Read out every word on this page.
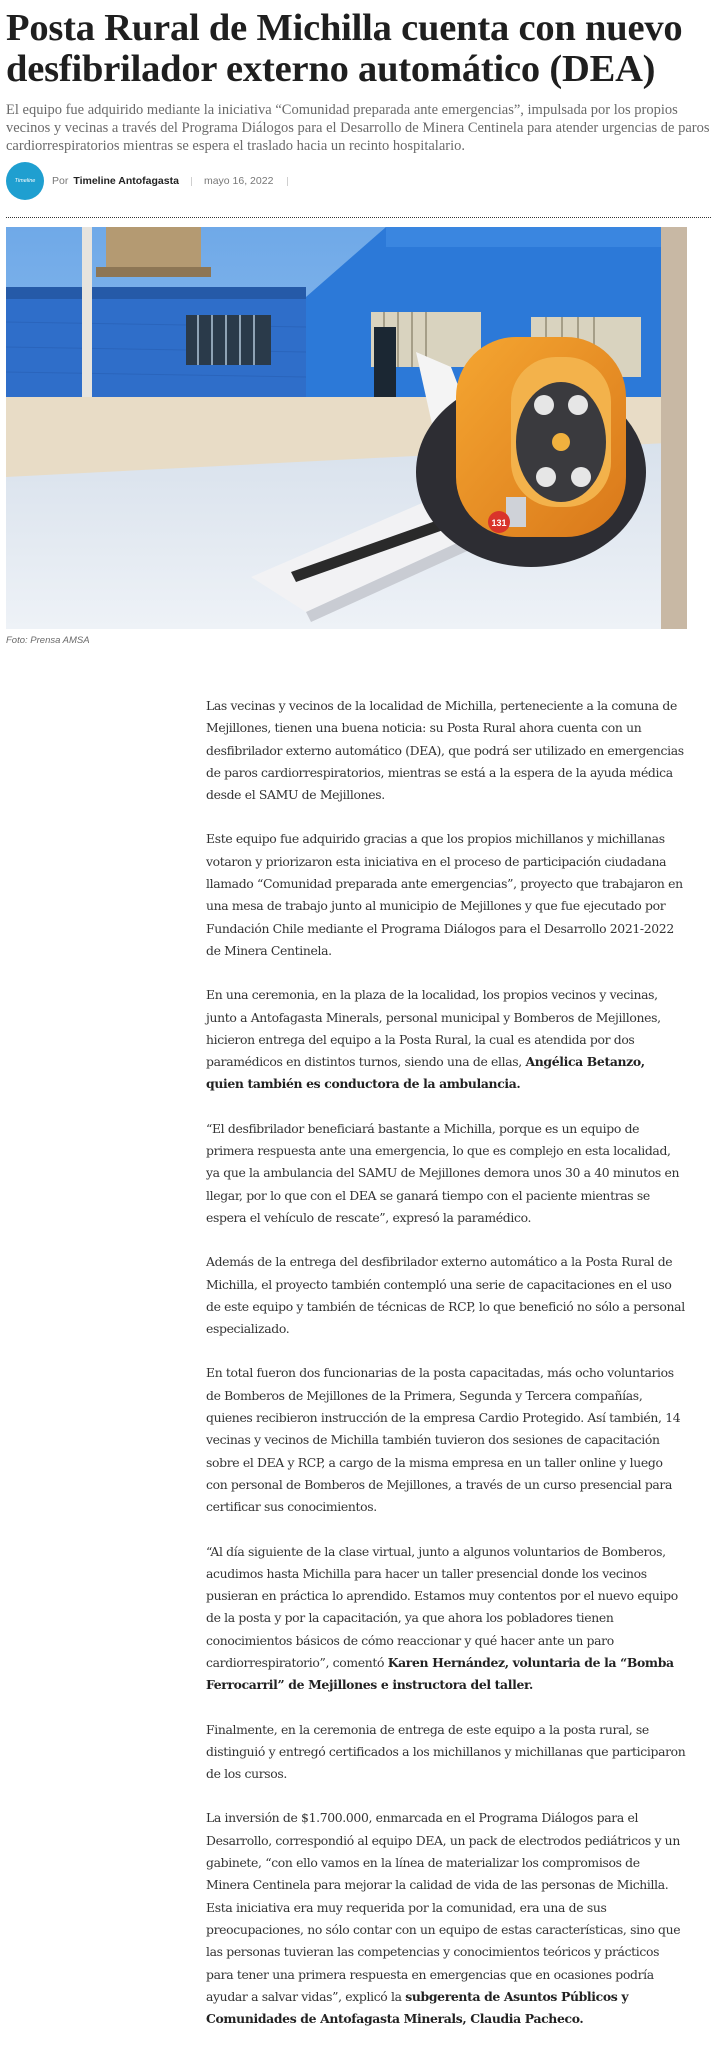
Posta Rural de Michilla cuenta con nuevo desfibrilador externo automático (DEA)

El equipo fue adquirido mediante la iniciativa “Comunidad preparada ante emergencias”, impulsada por los propios vecinos y vecinas a través del Programa Diálogos para el Desarrollo de Minera Centinela para atender urgencias de paros cardiorrespiratorios mientras se espera el traslado hacia un recinto hospitalario.

Timeline	Por Timeline Antofagasta mayo 16, 2022
131
Foto: Prensa AMSA

Las vecinas y vecinos de la localidad de Michilla, perteneciente a la comuna de Mejillones, tienen una buena noticia: su Posta Rural ahora cuenta con un desfibrilador externo automático (DEA), que podrá ser utilizado en emergencias de paros cardiorrespiratorios, mientras se está a la espera de la ayuda médica desde el SAMU de Mejillones.

Este equipo fue adquirido gracias a que los propios michillanos y michillanas votaron y priorizaron esta iniciativa en el proceso de participación ciudadana llamado “Comunidad preparada ante emergencias”, proyecto que trabajaron en una mesa de trabajo junto al municipio de Mejillones y que fue ejecutado por Fundación Chile mediante el Programa Diálogos para el Desarrollo 2021-2022 de Minera Centinela.

En una ceremonia, en la plaza de la localidad, los propios vecinos y vecinas, junto a Antofagasta Minerals, personal municipal y Bomberos de Mejillones, hicieron entrega del equipo a la Posta Rural, la cual es atendida por dos paramédicos en distintos turnos, siendo una de ellas, Angélica Betanzo, quien también es conductora de la ambulancia.

“El desfibrilador beneficiará bastante a Michilla, porque es un equipo de primera respuesta ante una emergencia, lo que es complejo en esta localidad, ya que la ambulancia del SAMU de Mejillones demora unos 30 a 40 minutos en llegar, por lo que con el DEA se ganará tiempo con el paciente mientras se espera el vehículo de rescate”, expresó la paramédico.

Además de la entrega del desfibrilador externo automático a la Posta Rural de Michilla, el proyecto también contempló una serie de capacitaciones en el uso de este equipo y también de técnicas de RCP, lo que benefició no sólo a personal especializado.

En total fueron dos funcionarias de la posta capacitadas, más ocho voluntarios de Bomberos de Mejillones de la Primera, Segunda y Tercera compañías, quienes recibieron instrucción de la empresa Cardio Protegido. Así también, 14 vecinas y vecinos de Michilla también tuvieron dos sesiones de capacitación sobre el DEA y RCP, a cargo de la misma empresa en un taller online y luego con personal de Bomberos de Mejillones, a través de un curso presencial para certificar sus conocimientos.

“Al día siguiente de la clase virtual, junto a algunos voluntarios de Bomberos, acudimos hasta Michilla para hacer un taller presencial donde los vecinos pusieran en práctica lo aprendido. Estamos muy contentos por el nuevo equipo de la posta y por la capacitación, ya que ahora los pobladores tienen conocimientos básicos de cómo reaccionar y qué hacer ante un paro cardiorrespiratorio”, comentó Karen Hernández, voluntaria de la “Bomba Ferrocarril” de Mejillones e instructora del taller.

Finalmente, en la ceremonia de entrega de este equipo a la posta rural, se distinguió y entregó certificados a los michillanos y michillanas que participaron de los cursos.

La inversión de $1.700.000, enmarcada en el Programa Diálogos para el Desarrollo, correspondió al equipo DEA, un pack de electrodos pediátricos y un gabinete, “con ello vamos en la línea de materializar los compromisos de Minera Centinela para mejorar la calidad de vida de las personas de Michilla. Esta iniciativa era muy requerida por la comunidad, era una de sus preocupaciones, no sólo contar con un equipo de estas características, sino que las personas tuvieran las competencias y conocimientos teóricos y prácticos para tener una primera respuesta en emergencias que en ocasiones podría ayudar a salvar vidas”, explicó la subgerenta de Asuntos Públicos y Comunidades de Antofagasta Minerals, Claudia Pacheco.
